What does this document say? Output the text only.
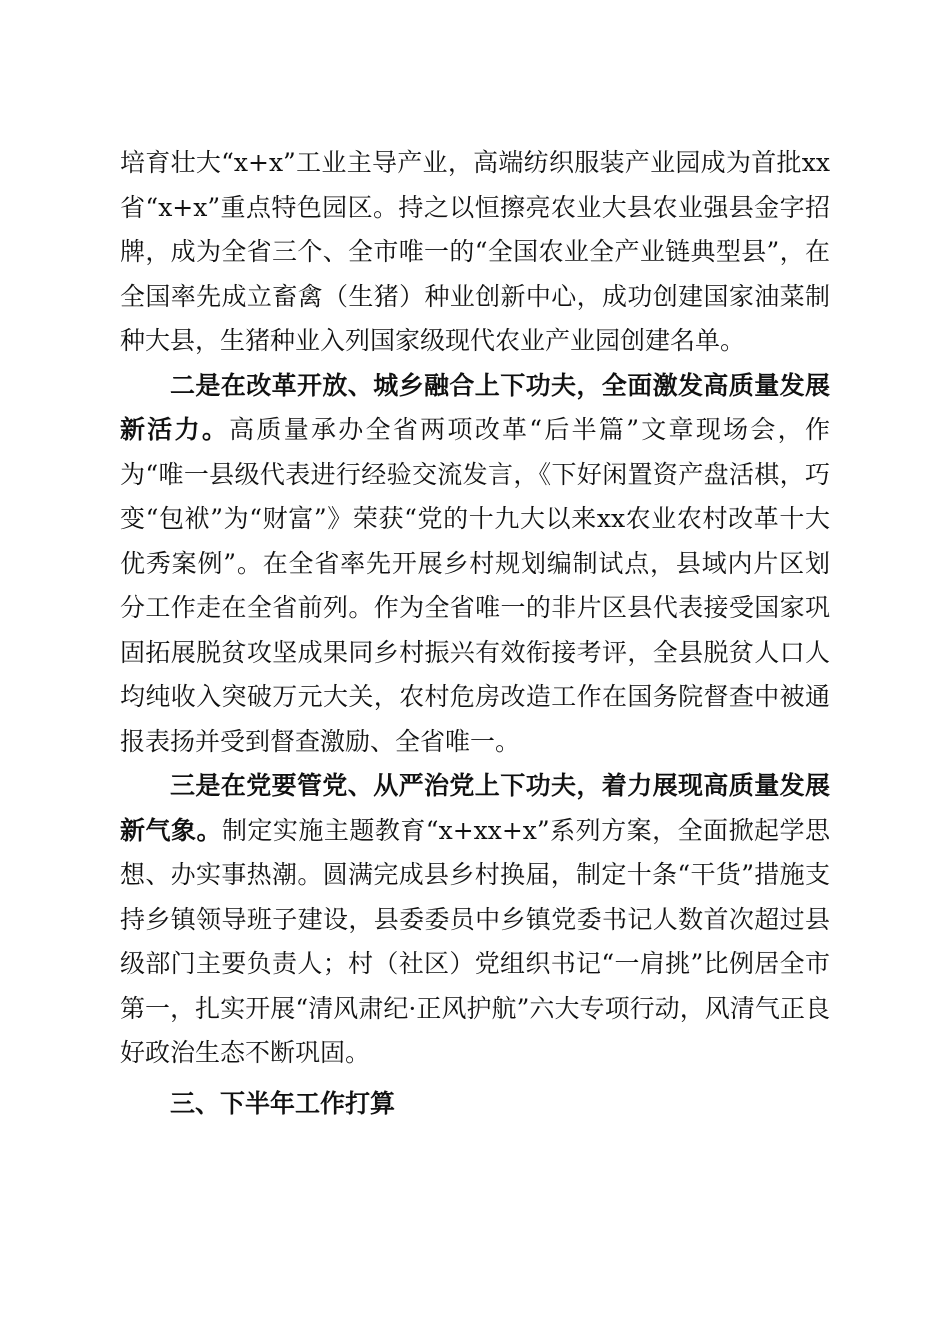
培育壮大“x+x”工业主导产业，高端纺织服装产业园成为首批xx省“x+x”重点特色园区。持之以恒擦亮农业大县农业强县金字招牌，成为全省三个、全市唯一的“全国农业全产业链典型县”，在全国率先成立畜禽（生猪）种业创新中心，成功创建国家油菜制种大县，生猪种业入列国家级现代农业产业园创建名单。

二是在改革开放、城乡融合上下功夫，全面激发高质量发展新活力。高质量承办全省两项改革“后半篇”文章现场会，作为“唯一县级代表进行经验交流发言，《下好闲置资产盘活棋，巧变“包袱”为“财富”》荣获“党的十九大以来xx农业农村改革十大优秀案例”。在全省率先开展乡村规划编制试点，县域内片区划分工作走在全省前列。作为全省唯一的非片区县代表接受国家巩固拓展脱贫攻坚成果同乡村振兴有效衔接考评，全县脱贫人口人均纯收入突破万元大关，农村危房改造工作在国务院督查中被通报表扬并受到督查激励、全省唯一。

三是在党要管党、从严治党上下功夫，着力展现高质量发展新气象。制定实施主题教育“x+xx+x”系列方案，全面掀起学思想、办实事热潮。圆满完成县乡村换届，制定十条“干货”措施支持乡镇领导班子建设，县委委员中乡镇党委书记人数首次超过县级部门主要负责人；村（社区）党组织书记“一肩挑”比例居全市第一，扎实开展“清风肃纪·正风护航”六大专项行动，风清气正良好政治生态不断巩固。

三、下半年工作打算
